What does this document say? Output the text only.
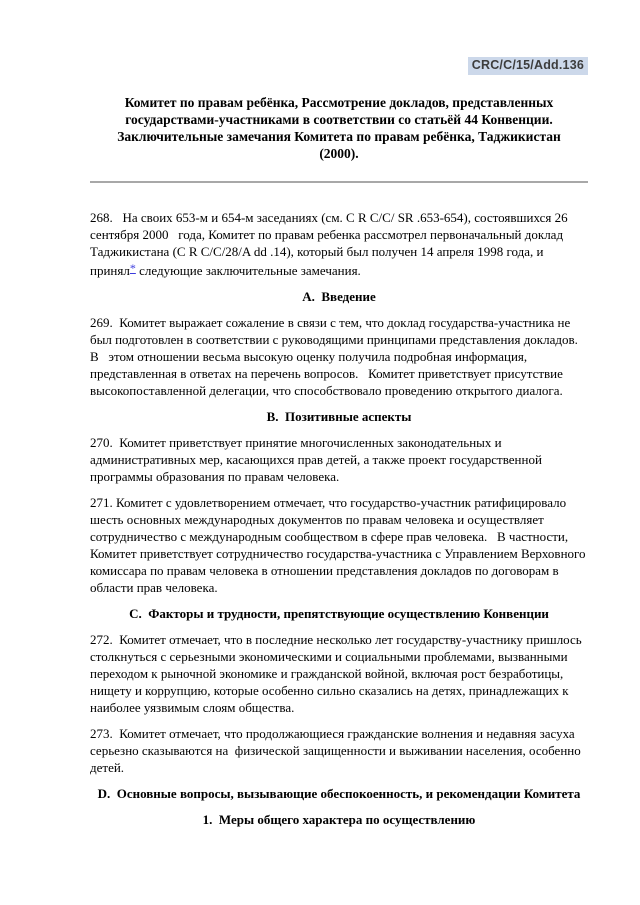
CRC/C/15/Add.136
Комитет по правам ребёнка, Рассмотрение докладов, представленных
государствами-участниками в соответствии со статьёй 44 Конвенции.
Заключительные замечания Комитета по правам ребёнка, Таджикистан
(2000).

268.   На своих 653-м и 654-м заседаниях (см. C R C/C/ SR .653-654), состоявшихся 26 сентября 2000   года, Комитет по правам ребенка рассмотрел первоначальный доклад Таджикистана (C R C/C/28/A dd .14), который был получен 14 апреля 1998 года, и принял* следующие заключительные замечания.

А.  Введение

269.  Комитет выражает сожаление в связи с тем, что доклад государства-участника не был подготовлен в соответствии с руководящими принципами представления докладов. В   этом отношении весьма высокую оценку получила подробная информация, представленная в ответах на перечень вопросов.   Комитет приветствует присутствие высокопоставленной делегации, что способствовало проведению открытого диалога.

В.  Позитивные аспекты

270.  Комитет приветствует принятие многочисленных законодательных и административных мер, касающихся прав детей, а также проект государственной программы образования по правам человека.

271. Комитет с удовлетворением отмечает, что государство-участник ратифицировало шесть основных международных документов по правам человека и осуществляет сотрудничество с международным сообществом в сфере прав человека.   В частности, Комитет приветствует сотрудничество государства-участника с Управлением Верховного комиссара по правам человека в отношении представления докладов по договорам в области прав человека.

С.  Факторы и трудности, препятствующие осуществлению Конвенции

272.  Комитет отмечает, что в последние несколько лет государству-участнику пришлось столкнуться с серьезными экономическими и социальными проблемами, вызванными переходом к рыночной экономике и гражданской войной, включая рост безработицы, нищету и коррупцию, которые особенно сильно сказались на детях, принадлежащих к наиболее уязвимым слоям общества.

273.  Комитет отмечает, что продолжающиеся гражданские волнения и недавняя засуха серьезно сказываются на  физической защищенности и выживании населения, особенно детей.

D.  Основные вопросы, вызывающие обеспокоенность, и рекомендации Комитета
1.  Меры общего характера по осуществлению
